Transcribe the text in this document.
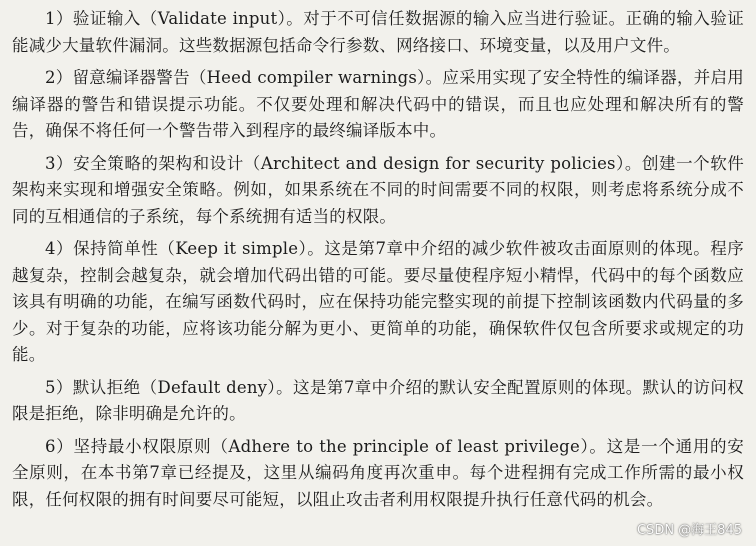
1）验证输入（Validate input）。对于不可信任数据源的输入应当进行验证。正确的输入验证能减少大量软件漏洞。这些数据源包括命令行参数、网络接口、环境变量，以及用户文件。

2）留意编译器警告（Heed compiler warnings）。应采用实现了安全特性的编译器，并启用编译器的警告和错误提示功能。不仅要处理和解决代码中的错误，而且也应处理和解决所有的警告，确保不将任何一个警告带入到程序的最终编译版本中。

3）安全策略的架构和设计（Architect and design for security policies）。创建一个软件架构来实现和增强安全策略。例如，如果系统在不同的时间需要不同的权限，则考虑将系统分成不同的互相通信的子系统，每个系统拥有适当的权限。

4）保持简单性（Keep it simple）。这是第7章中介绍的减少软件被攻击面原则的体现。程序越复杂，控制会越复杂，就会增加代码出错的可能。要尽量使程序短小精悍，代码中的每个函数应该具有明确的功能，在编写函数代码时，应在保持功能完整实现的前提下控制该函数内代码量的多少。对于复杂的功能，应将该功能分解为更小、更简单的功能，确保软件仅包含所要求或规定的功能。

5）默认拒绝（Default deny）。这是第7章中介绍的默认安全配置原则的体现。默认的访问权限是拒绝，除非明确是允许的。

6）坚持最小权限原则（Adhere to the principle of least privilege）。这是一个通用的安全原则，在本书第7章已经提及，这里从编码角度再次重申。每个进程拥有完成工作所需的最小权限，任何权限的拥有时间要尽可能短，以阻止攻击者利用权限提升执行任意代码的机会。

CSDN @海王845
